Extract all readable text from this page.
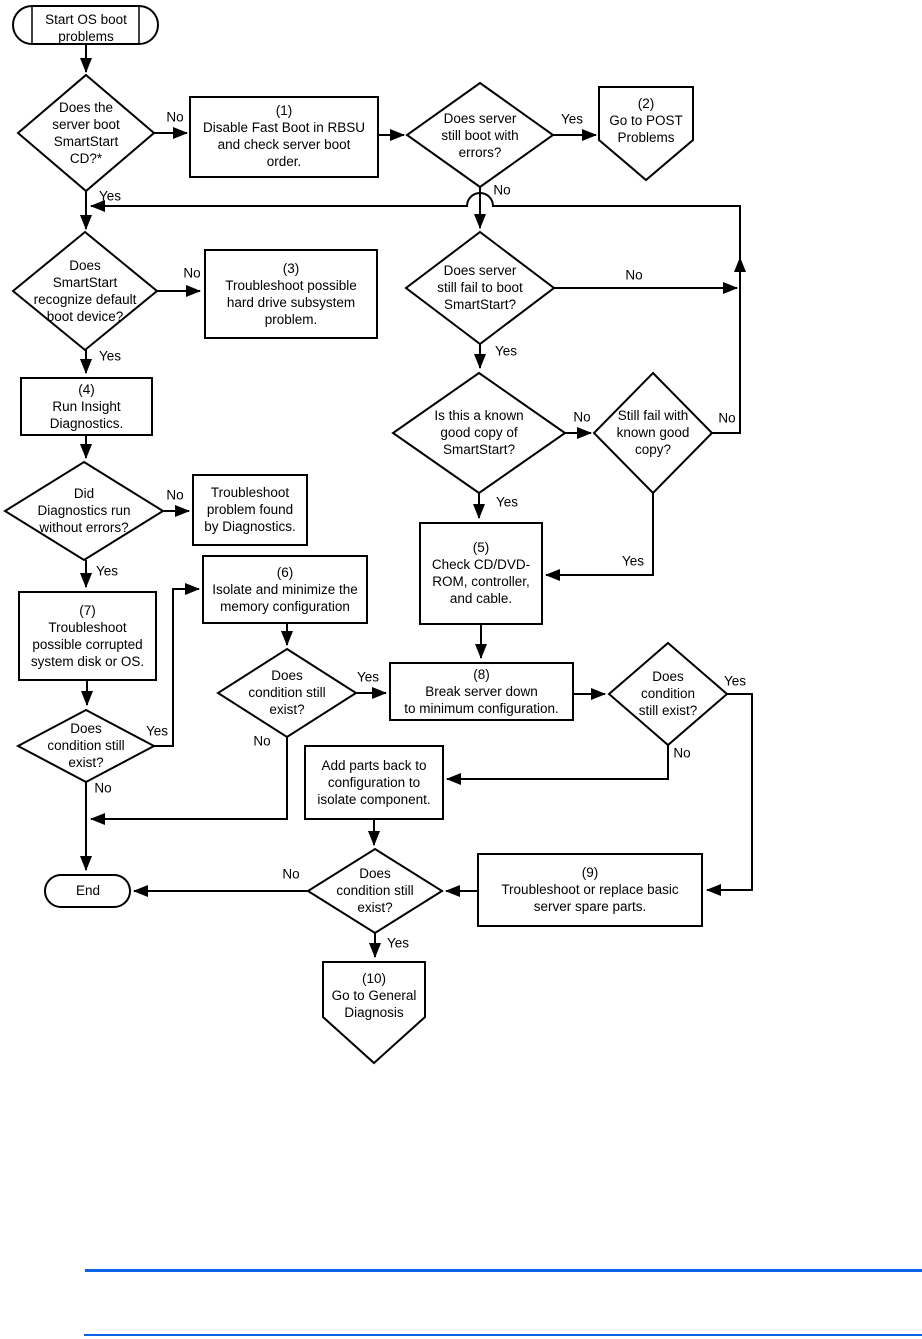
Start OS boot
problems
Does the
server boot
SmartStart
CD?*
(1)
Disable Fast Boot in RBSU
and check server boot
order.
Does server
still boot with
errors?
(2)
Go to POST
Problems
Does
SmartStart
recognize default
boot device?
(3)
Troubleshoot possible
hard drive subsystem
problem.
(4)
Run Insight
Diagnostics.
Did
Diagnostics run
without errors?
Troubleshoot
problem found
by Diagnostics.
(7)
Troubleshoot
possible corrupted
system disk or OS.
Does server
still fail to boot
SmartStart?
Is this a known
good copy of
SmartStart?
Still fail with
known good
copy?
(5)
Check CD/DVD-
ROM, controller,
and cable.
(6)
Isolate and minimize the
memory configuration
Does
condition still
exist?
(8)
Break server down
to minimum configuration.
Does
condition
still exist?
Does
condition still
exist?	Add parts back to
configuration to
isolate component.
(9)
Troubleshoot or replace basic
server spare parts.
Does
condition still
exist?
End
(10)
Go to General
Diagnosis
No
Yes
Yes
No
No
Yes
No
Yes
No
Yes
No
Yes
No
Yes
Yes
No
Yes
No
Yes
No
No
Yes
